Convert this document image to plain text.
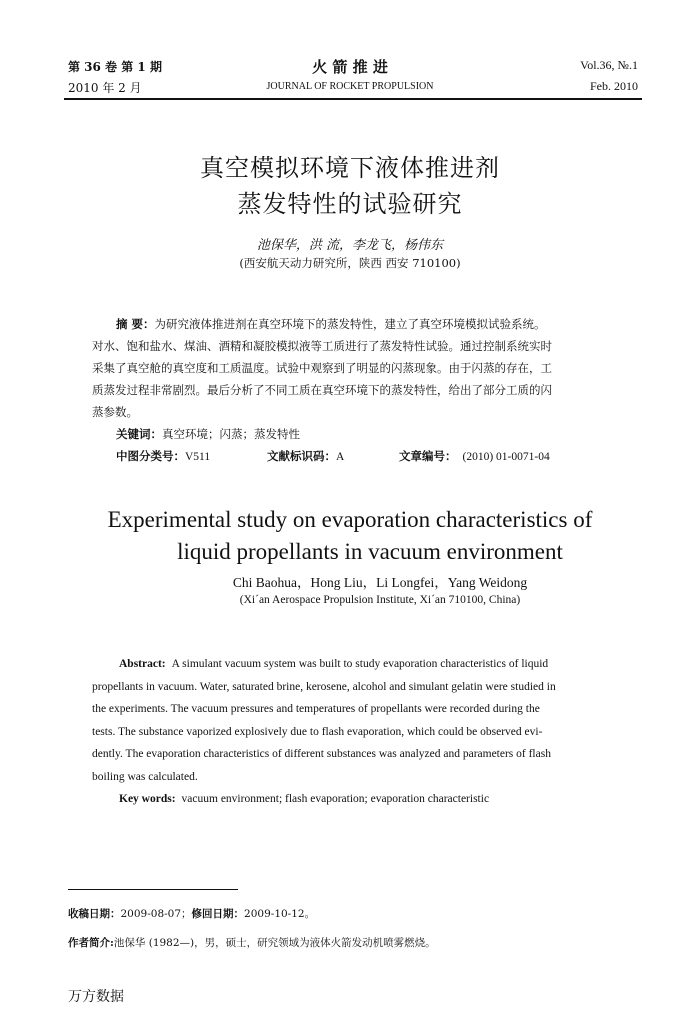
第 36 卷 第 1 期
2010 年 2 月
火 箭 推 进
JOURNAL OF ROCKET PROPULSION
Vol.36, №.1
Feb. 2010
真空模拟环境下液体推进剂
蒸发特性的试验研究
池保华，洪 流，李龙飞，杨伟东
(西安航天动力研究所，陕西 西安 710100)
摘 要：为研究液体推进剂在真空环境下的蒸发特性，建立了真空环境模拟试验系统。
对水、饱和盐水、煤油、酒精和凝胶模拟液等工质进行了蒸发特性试验。通过控制系统实时
采集了真空舱的真空度和工质温度。试验中观察到了明显的闪蒸现象。由于闪蒸的存在，工
质蒸发过程非常剧烈。最后分析了不同工质在真空环境下的蒸发特性，给出了部分工质的闪
蒸参数。
关键词：真空环境；闪蒸；蒸发特性
中图分类号：V511	文献标识码：A	文章编号： (2010) 01-0071-04
Experimental study on evaporation characteristics of
liquid propellants in vacuum environment
Chi Baohua，Hong Liu，Li Longfei，Yang Weidong
(Xi´an Aerospace Propulsion Institute, Xi´an 710100, China)
Abstract: A simulant vacuum system was built to study evaporation characteristics of liquid
propellants in vacuum. Water, saturated brine, kerosene, alcohol and simulant gelatin were studied in
the experiments. The vacuum pressures and temperatures of propellants were recorded during the
tests. The substance vaporized explosively due to flash evaporation, which could be observed evi-
dently. The evaporation characteristics of different substances was analyzed and parameters of flash
boiling was calculated.
Key words: vacuum environment; flash evaporation; evaporation characteristic
收稿日期：2009-08-07；修回日期：2009-10-12。
作者简介:池保华 (1982—)，男，硕士，研究领域为液体火箭发动机喷雾燃烧。
万方数据
